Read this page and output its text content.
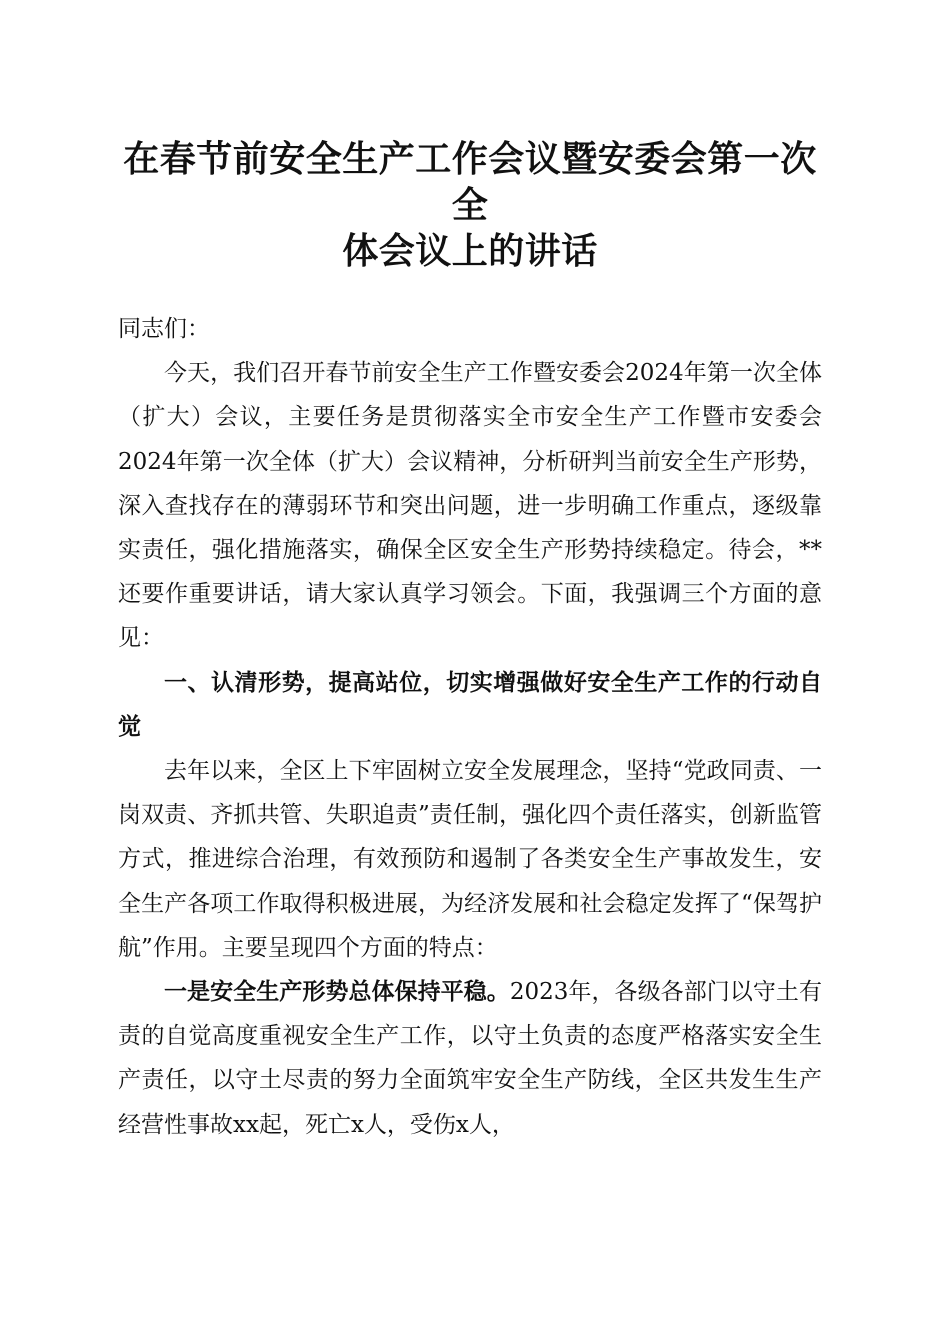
在春节前安全生产工作会议暨安委会第一次全
体会议上的讲话

同志们：

今天，我们召开春节前安全生产工作暨安委会2024年第一次全体（扩大）会议，主要任务是贯彻落实全市安全生产工作暨市安委会2024年第一次全体（扩大）会议精神，分析研判当前安全生产形势，深入查找存在的薄弱环节和突出问题，进一步明确工作重点，逐级靠实责任，强化措施落实，确保全区安全生产形势持续稳定。待会，**还要作重要讲话，请大家认真学习领会。下面，我强调三个方面的意见：

一、认清形势，提高站位，切实增强做好安全生产工作的行动自觉

去年以来，全区上下牢固树立安全发展理念，坚持“党政同责、一岗双责、齐抓共管、失职追责”责任制，强化四个责任落实，创新监管方式，推进综合治理，有效预防和遏制了各类安全生产事故发生，安全生产各项工作取得积极进展，为经济发展和社会稳定发挥了“保驾护航”作用。主要呈现四个方面的特点：

一是安全生产形势总体保持平稳。2023年，各级各部门以守土有责的自觉高度重视安全生产工作，以守土负责的态度严格落实安全生产责任，以守土尽责的努力全面筑牢安全生产防线，全区共发生生产经营性事故xx起，死亡x人，受伤x人，
